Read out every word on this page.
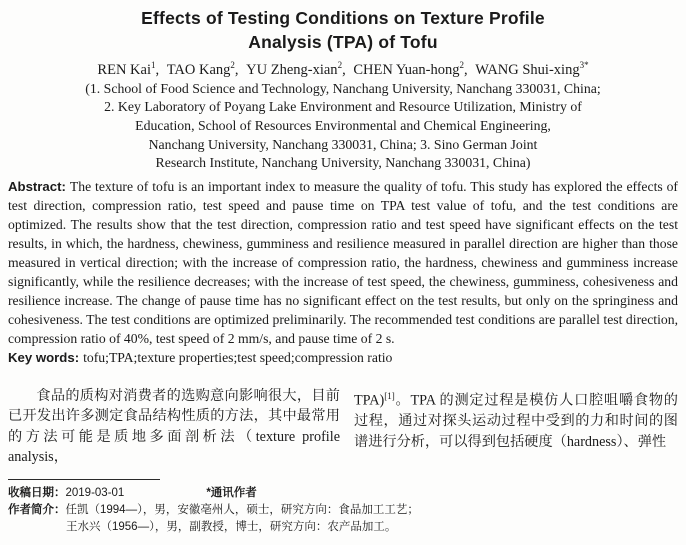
Effects of Testing Conditions on Texture Profile
Analysis (TPA) of Tofu
REN Kai$^1$, TAO Kang$^2$, YU Zheng-xian$^2$, CHEN Yuan-hong$^2$, WANG Shui-xing$^{3*}$
(1. School of Food Science and Technology, Nanchang University, Nanchang 330031, China;
2. Key Laboratory of Poyang Lake Environment and Resource Utilization, Ministry of
Education, School of Resources Environmental and Chemical Engineering,
Nanchang University, Nanchang 330031, China; 3. Sino German Joint
Research Institute, Nanchang University, Nanchang 330031, China)

Abstract: The texture of tofu is an important index to measure the quality of tofu. This study has explored the effects of test direction, compression ratio, test speed and pause time on TPA test value of tofu, and the test conditions are optimized. The results show that the test direction, compression ratio and test speed have significant effects on the test results, in which, the hardness, chewiness, gumminess and resilience measured in parallel direction are higher than those measured in vertical direction; with the increase of compression ratio, the hardness, chewiness and gumminess increase significantly, while the resilience decreases; with the increase of test speed, the chewiness, gumminess, cohesiveness and resilience increase. The change of pause time has no significant effect on the test results, but only on the springiness and cohesiveness. The test conditions are optimized preliminarily. The recommended test conditions are parallel test direction, compression ratio of 40%, test speed of 2 mm/s, and pause time of 2 s.

Key words: tofu;TPA;texture properties;test speed;compression ratio

食品的质构对消费者的选购意向影响很大，目前已开发出许多测定食品结构性质的方法，其中最常用的方法可能是质地多面剖析法（texture profile analysis，

TPA)[1]。TPA 的测定过程是模仿人口腔咀嚼食物的过程，通过对探头运动过程中受到的力和时间的图谱进行分析，可以得到包括硬度（hardness）、弹性

收稿日期：2019-03-01	*通讯作者
作者简介：任凯（1994—），男，安徽亳州人，硕士，研究方向：食品加工工艺；
王水兴（1956—），男，副教授，博士，研究方向：农产品加工。
